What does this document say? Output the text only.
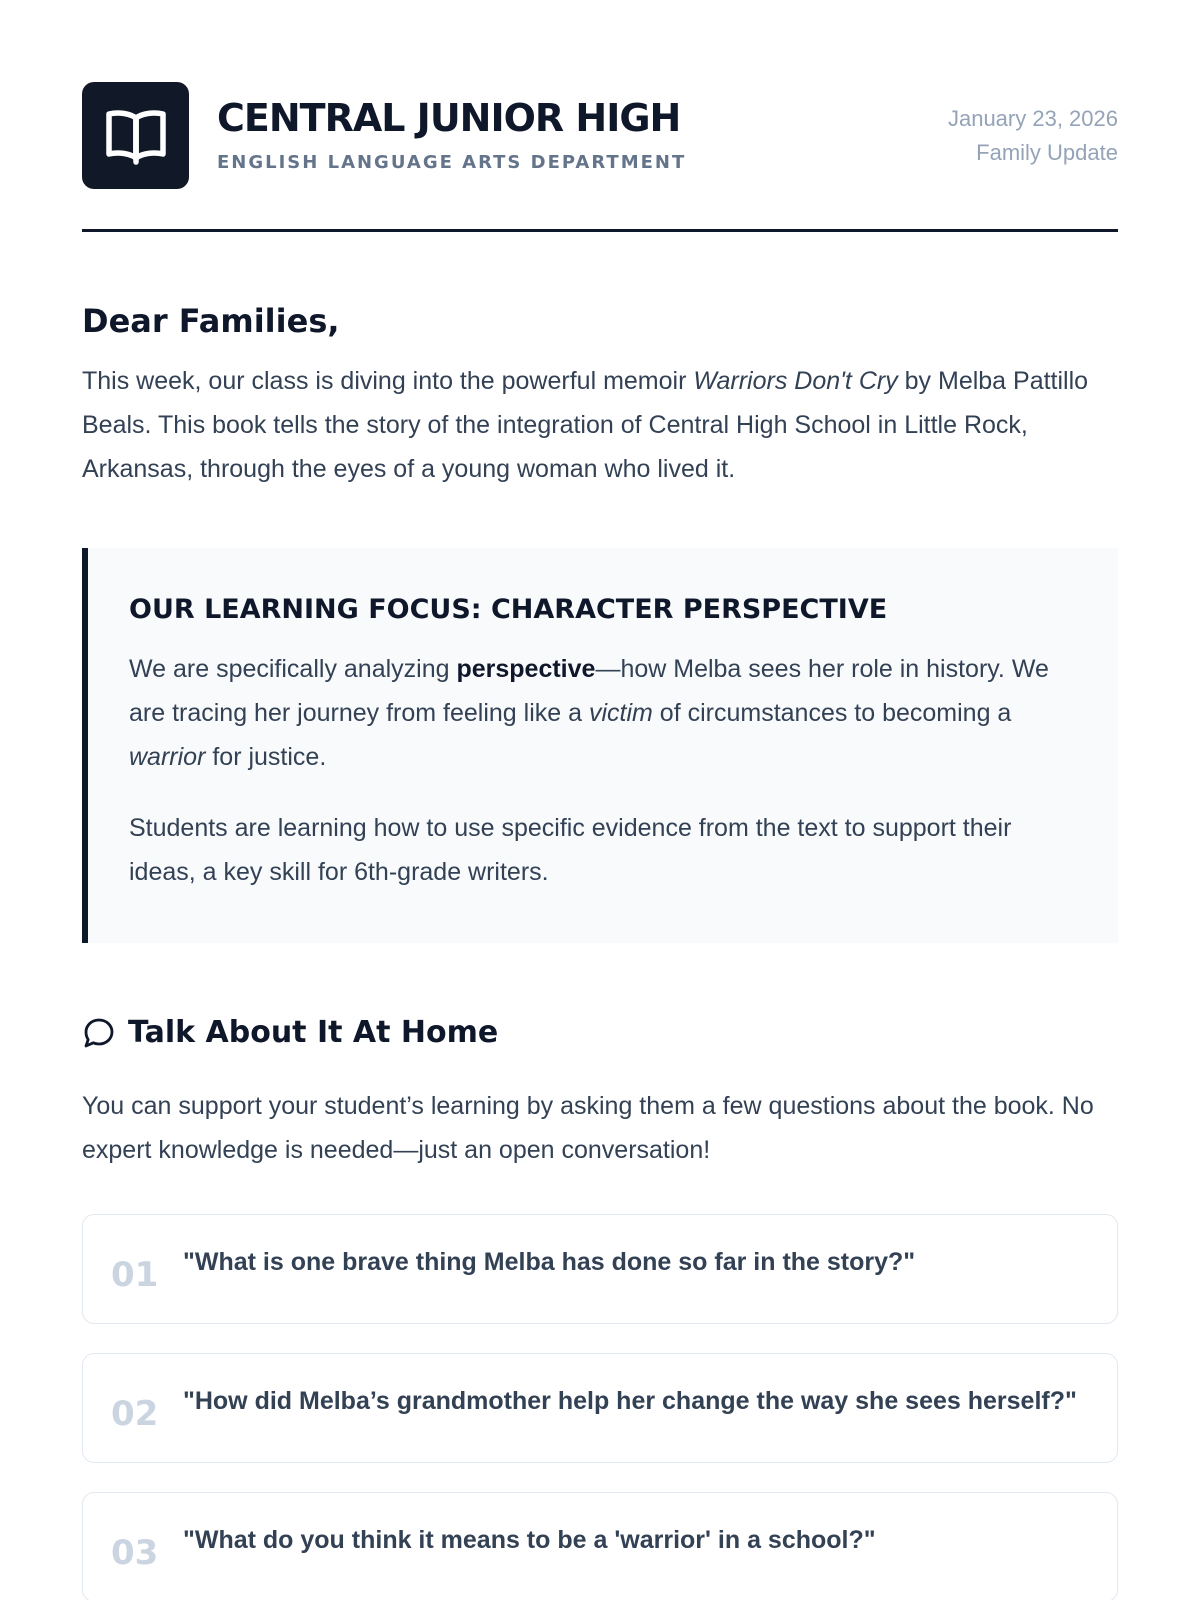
CENTRAL JUNIOR HIGH
ENGLISH LANGUAGE ARTS DEPARTMENT
January 23, 2026
Family Update
Dear Families,

This week, our class is diving into the powerful memoir Warriors Don't Cry by Melba Pattillo Beals. This book tells the story of the integration of Central High School in Little Rock, Arkansas, through the eyes of a young woman who lived it.

OUR LEARNING FOCUS: CHARACTER PERSPECTIVE

We are specifically analyzing perspective—how Melba sees her role in history. We are tracing her journey from feeling like a victim of circumstances to becoming a warrior for justice.

Students are learning how to use specific evidence from the text to support their ideas, a key skill for 6th-grade writers.

Talk About It At Home

You can support your student’s learning by asking them a few questions about the book. No expert knowledge is needed—just an open conversation!

01 "What is one brave thing Melba has done so far in the story?"
02 "How did Melba’s grandmother help her change the way she sees herself?"
03 "What do you think it means to be a 'warrior' in a school?"
